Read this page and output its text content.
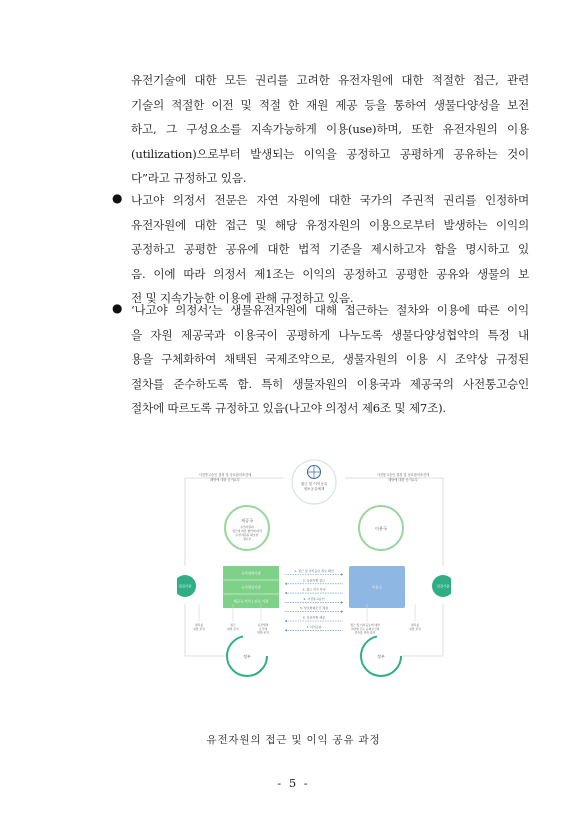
유전기술에 대한 모든 권리를 고려한 유전자원에 대한 적절한 접근, 관련
기술의 적절한 이전 및 적절 한 재원 제공 등을 통하여 생물다양성을 보전
하고, 그 구성요소를 지속가능하게 이용(use)하며, 또한 유전자원의 이용
(utilization)으로부터 발생되는 이익을 공정하고 공평하게 공유하는 것이
다”라고 규정하고 있음.
● 나고야 의정서 전문은 자연 자원에 대한 국가의 주권적 권리를 인정하며
유전자원에 대한 접근 및 해당 유정자원의 이용으로부터 발생하는 이익의
공정하고 공평한 공유에 대한 법적 기준을 제시하고자 함을 명시하고 있
음. 이에 따라 의정서 제1조는 이익의 공정하고 공평한 공유와 생물의 보
전 및 지속가능한 이용에 관해 규정하고 있음.
● ‘나고야 의정서’는 생물유전자원에 대해 접근하는 절차와 이용에 따른 이익
을 자원 제공국과 이용국이 공평하게 나누도록 생물다양성협약의 특정 내
용을 구체화하여 채택된 국제조약으로, 생물자원의 이용 시 조약상 규정된
절차를 준수하도록 함. 특히 생물자원의 이용국과 제공국의 사전통고승인
절차에 따르도록 규정하고 있음(나고야 의정서 제6조 및 제7조).
접근 및 이익공유
정보공유체계
사전통고승인 결정 및 상호합의조건에
해당에 대한 증거요부
사전통고승인 결정 및 상호합의조건에
해당에 대한 증거요부
제공국
유전자원의
접근에 따른 협약에 따라
유전자원을 확보한
접수부
이용국
점검기관	점검기관
국가연락기관
국가책임기관
제공국 이익 / 보유 기관
이용국
1. 접근 및 이익공유 정보 확인
2. 유전자원 접근
3. 접근 허가 부여
4. 사전통고승인
5. 상호합의조건 체결
6. 유전자원 제공
7. 이익공유
절차를
위한 조치
접근
대한 조치
유전법적
요건에
대한 조치
접근 및 이익공유에 대한
국내법 또는 규제요건의
준수를 위한 조치
절차를
위한 조치
정부	정부
유전자원의 접근 및 이익 공유 과정
- 5 -
